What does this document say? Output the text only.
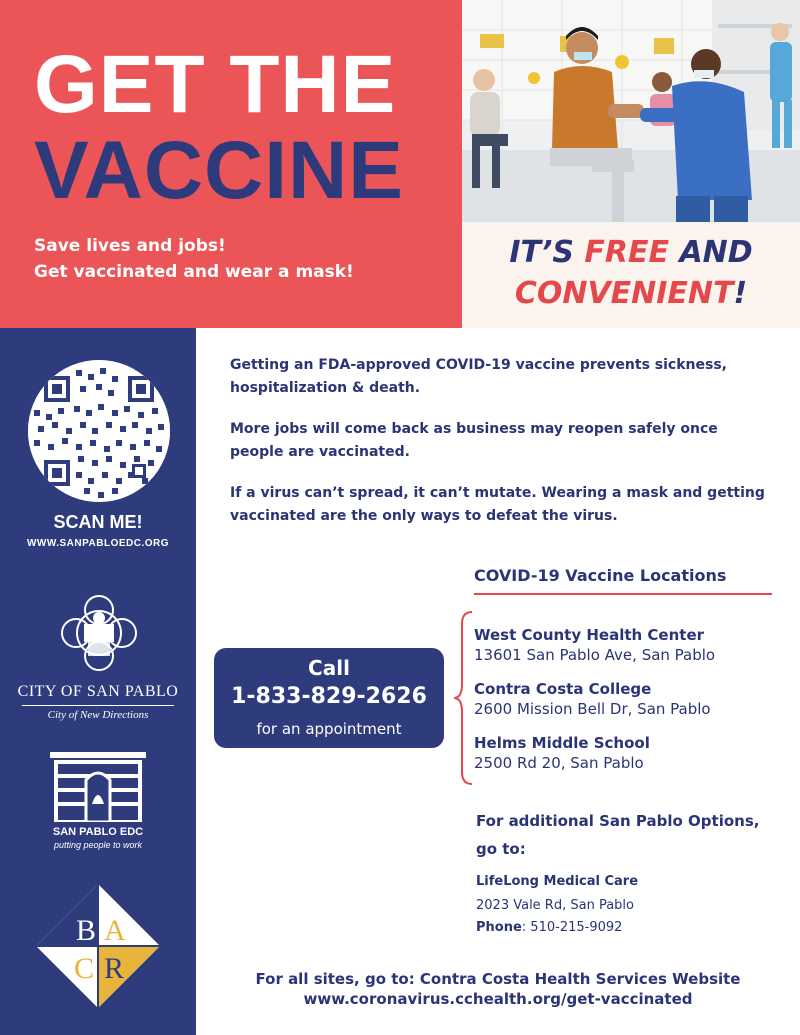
GET THE
VACCINE
Save lives and jobs!
Get vaccinated and wear a mask!
IT’S FREE AND
CONVENIENT!
SCAN ME!
WWW.SANPABLOEDC.ORG
CITY OF SAN PABLO
City of New Directions
SAN PABLO EDC
putting people to work
B A
C R
Getting an FDA-approved COVID-19 vaccine prevents sickness, hospitalization & death.
More jobs will come back as business may reopen safely once people are vaccinated.
If a virus can’t spread, it can’t mutate. Wearing a mask and getting vaccinated are the only ways to defeat the virus.
COVID-19 Vaccine Locations
Call
1-833-829-2626
for an appointment
West County Health Center
13601 San Pablo Ave, San Pablo
Contra Costa College
2600 Mission Bell Dr, San Pablo
Helms Middle School
2500 Rd 20, San Pablo
For additional San Pablo Options,
go to:
LifeLong Medical Care
2023 Vale Rd, San Pablo
Phone: 510-215-9092
For all sites, go to: Contra Costa Health Services Website
www.coronavirus.cchealth.org/get-vaccinated
